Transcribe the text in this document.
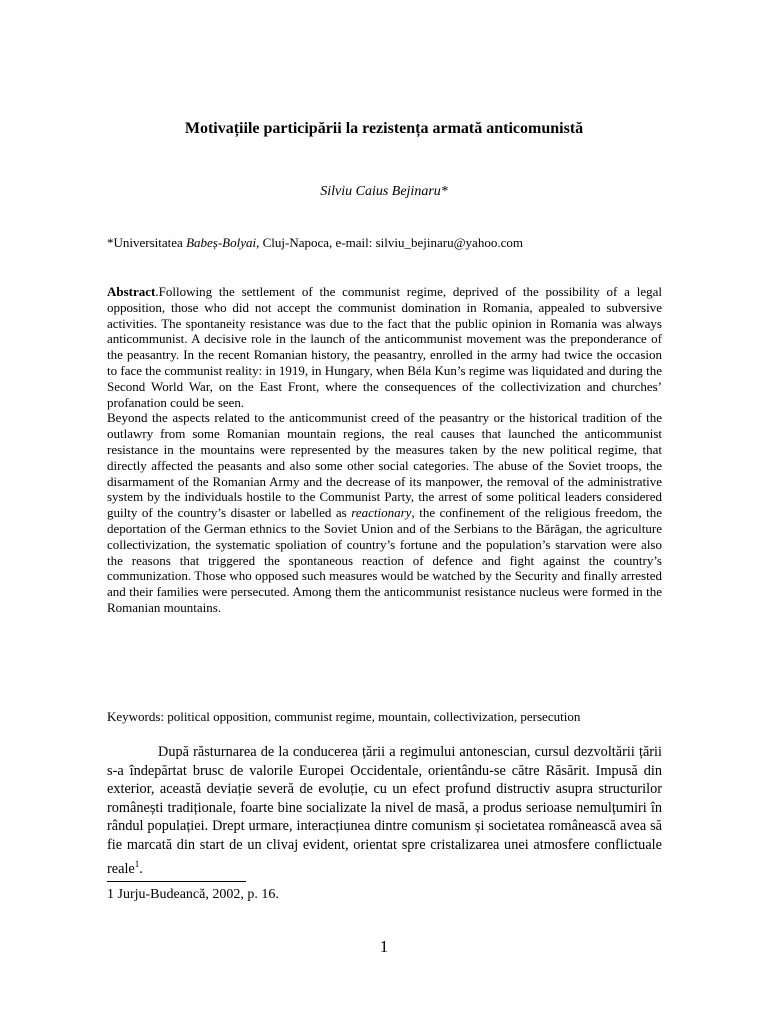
Motivațiile participării la rezistența armată anticomunistă
Silviu Caius Bejinaru*
*Universitatea Babeș-Bolyai, Cluj-Napoca, e-mail: silviu_bejinaru@yahoo.com

Abstract.Following the settlement of the communist regime, deprived of the possibility of a legal opposition, those who did not accept the communist domination in Romania, appealed to subversive activities. The spontaneity resistance was due to the fact that the public opinion in Romania was always anticommunist. A decisive role in the launch of the anticommunist movement was the preponderance of the peasantry. In the recent Romanian history, the peasantry, enrolled in the army had twice the occasion to face the communist reality: in 1919, in Hungary, when Béla Kun’s regime was liquidated and during the Second World War, on the East Front, where the consequences of the collectivization and churches’ profanation could be seen.

Beyond the aspects related to the anticommunist creed of the peasantry or the historical tradition of the outlawry from some Romanian mountain regions, the real causes that launched the anticommunist resistance in the mountains were represented by the measures taken by the new political regime, that directly affected the peasants and also some other social categories. The abuse of the Soviet troops, the disarmament of the Romanian Army and the decrease of its manpower, the removal of the administrative system by the individuals hostile to the Communist Party, the arrest of some political leaders considered guilty of the country’s disaster or labelled as reactionary, the confinement of the religious freedom, the deportation of the German ethnics to the Soviet Union and of the Serbians to the Bărăgan, the agriculture collectivization, the systematic spoliation of country’s fortune and the population’s starvation were also the reasons that triggered the spontaneous reaction of defence and fight against the country’s communization. Those who opposed such measures would be watched by the Security and finally arrested and their families were persecuted. Among them the anticommunist resistance nucleus were formed in the Romanian mountains.

Keywords: political opposition, communist regime, mountain, collectivization, persecution

După răsturnarea de la conducerea țării a regimului antonescian, cursul dezvoltării țării s-a îndepărtat brusc de valorile Europei Occidentale, orientându-se către Răsărit. Impusă din exterior, această deviație severă de evoluție, cu un efect profund distructiv asupra structurilor românești tradiționale, foarte bine socializate la nivel de masă, a produs serioase nemulțumiri în rândul populației. Drept urmare, interacțiunea dintre comunism și societatea românească avea să fie marcată din start de un clivaj evident, orientat spre cristalizarea unei atmosfere conflictuale reale$^1$.

1 Jurju-Budeancă, 2002, p. 16.
1
